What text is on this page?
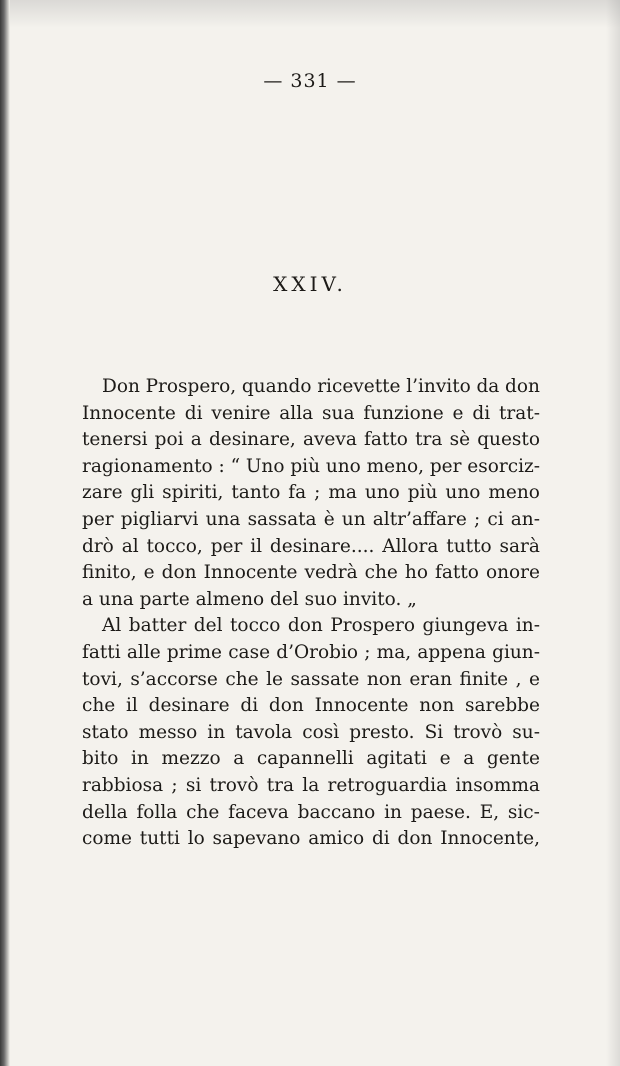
— 331 —
XXIV.
Don Prospero, quando ricevette l’invito da don
Innocente di venire alla sua funzione e di trat-
tenersi poi a desinare, aveva fatto tra sè questo
ragionamento : “ Uno più uno meno, per esorciz-
zare gli spiriti, tanto fa ; ma uno più uno meno
per pigliarvi una sassata è un altr’affare ; ci an-
drò al tocco, per il desinare.... Allora tutto sarà
finito, e don Innocente vedrà che ho fatto onore
a una parte almeno del suo invito. „
Al batter del tocco don Prospero giungeva in-
fatti alle prime case d’Orobio ; ma, appena giun-
tovi, s’accorse che le sassate non eran finite , e
che il desinare di don Innocente non sarebbe
stato messo in tavola così presto. Si trovò su-
bito in mezzo a capannelli agitati e a gente
rabbiosa ; si trovò tra la retroguardia insomma
della folla che faceva baccano in paese. E, sic-
come tutti lo sapevano amico di don Innocente,
